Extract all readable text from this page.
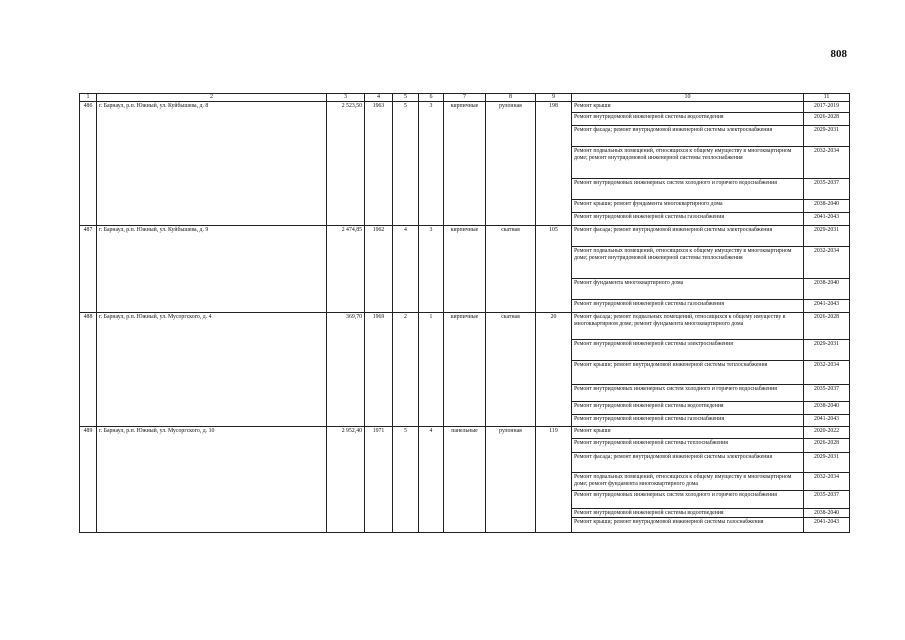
808
1	2	3	4	5	6	7	8	9	10	11
486	г. Барнаул, р.п. Южный, ул. Куйбышева, д. 8	2 523,50	1963	5	3	кирпичные	рулонная	198	Ремонт крыши	2017-2019
									Ремонт внутридомовой инженерной системы водоотведения	2026-2028
									Ремонт фасада; ремонт внутридомовой инженерной системы электроснабжения	2029-2031
									Ремонт подвальных помещений, относящихся к общему имуществу в многоквартирном доме; ремонт внутридомовой инженерной системы теплоснабжения	2032-2034
									Ремонт внутридомовых инженерных систем холодного и горячего водоснабжения	2035-2037
									Ремонт крыши; ремонт фундамента многоквартирного дома	2038-2040
									Ремонт внутридомовой инженерной системы газоснабжения	2041-2043
487	г. Барнаул, р.п. Южный, ул. Куйбышева, д. 9	2 474,85	1962	4	3	кирпичные	скатная	105	Ремонт фасада; ремонт внутридомовой инженерной системы электроснабжения	2029-2031
									Ремонт подвальных помещений, относящихся к общему имуществу в многоквартирном доме; ремонт внутридомовой инженерной системы теплоснабжения	2032-2034
									Ремонт фундамента многоквартирного дома	2038-2040
									Ремонт внутридомовой инженерной системы газоснабжения	2041-2043
488	г. Барнаул, р.п. Южный, ул. Мусоргского, д. 4	369,70	1969	2	1	кирпичные	скатная	20	Ремонт фасада; ремонт подвальных помещений, относящихся к общему имуществу в многоквартирном доме; ремонт фундамента многоквартирного дома	2026-2028
									Ремонт внутридомовой инженерной системы электроснабжения	2029-2031
									Ремонт крыши; ремонт внутридомовой инженерной системы теплоснабжения	2032-2034
									Ремонт внутридомовых инженерных систем холодного и горячего водоснабжения	2035-2037
									Ремонт внутридомовой инженерной системы водоотведения	2038-2040
									Ремонт внутридомовой инженерной системы газоснабжения	2041-2043
489	г. Барнаул, р.п. Южный, ул. Мусоргского, д. 10	2 952,40	1971	5	4	панельные	рулонная	119	Ремонт крыши	2020-2022
									Ремонт внутридомовой инженерной системы теплоснабжения	2026-2028
									Ремонт фасада; ремонт внутридомовой инженерной системы электроснабжения	2029-2031
									Ремонт подвальных помещений, относящихся к общему имуществу в многоквартирном доме; ремонт фундамента многоквартирного дома	2032-2034
									Ремонт внутридомовых инженерных систем холодного и горячего водоснабжения	2035-2037
									Ремонт внутридомовой инженерной системы водоотведения	2038-2040
									Ремонт крыши; ремонт внутридомовой инженерной системы газоснабжения	2041-2043
